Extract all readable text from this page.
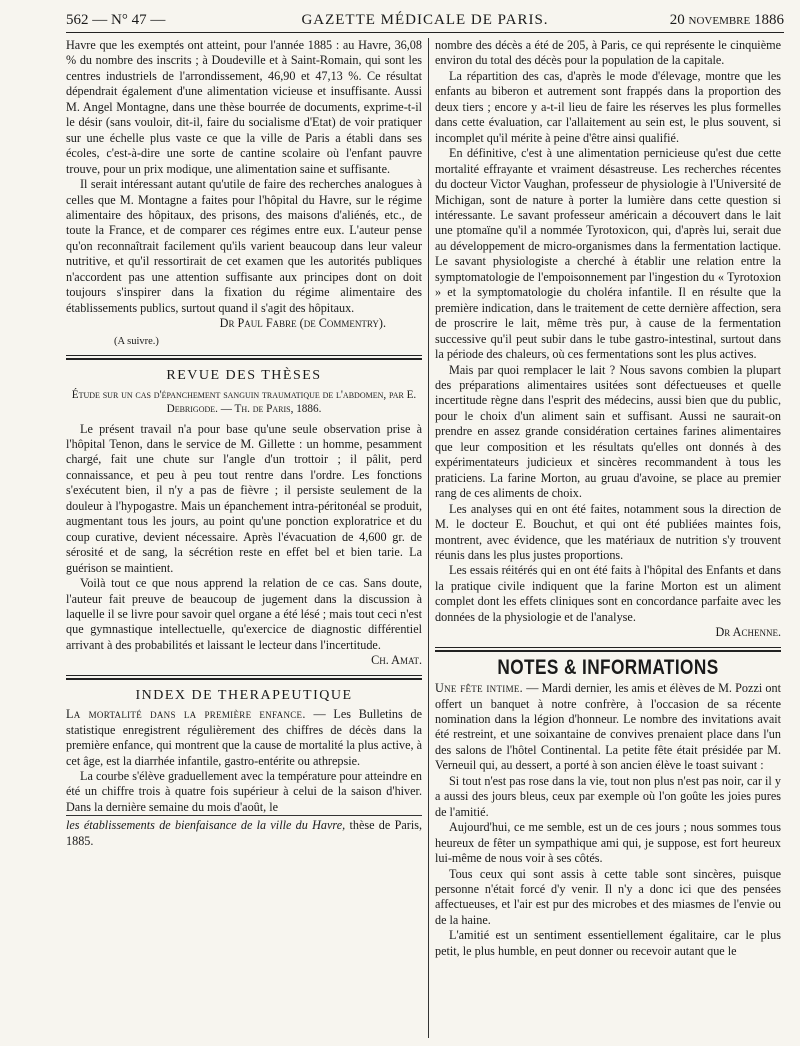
562 — N° 47 —	GAZETTE MÉDICALE DE PARIS.	20 novembre 1886

Havre que les exemptés ont atteint, pour l'année 1885 : au Havre, 36,08 % du nombre des inscrits ; à Doudeville et à Saint-Romain, qui sont les centres industriels de l'arrondissement, 46,90 et 47,13 %. Ce résultat dépendrait également d'une alimentation vicieuse et insuffisante. Aussi M. Angel Montagne, dans une thèse bourrée de documents, exprime-t-il le désir (sans vouloir, dit-il, faire du socialisme d'Etat) de voir pratiquer sur une échelle plus vaste ce que la ville de Paris a établi dans ses écoles, c'est-à-dire une sorte de cantine scolaire où l'enfant pauvre trouve, pour un prix modique, une alimentation saine et suffisante.

Il serait intéressant autant qu'utile de faire des recherches analogues à celles que M. Montagne a faites pour l'hôpital du Havre, sur le régime alimentaire des hôpitaux, des prisons, des maisons d'aliénés, etc., de toute la France, et de comparer ces régimes entre eux. L'auteur pense qu'on reconnaîtrait facilement qu'ils varient beaucoup dans leur valeur nutritive, et qu'il ressortirait de cet examen que les autorités publiques n'accordent pas une attention suffisante aux principes dont on doit toujours s'inspirer dans la fixation du régime alimentaire des établissements publics, surtout quand il s'agit des hôpitaux.

Dr Paul Fabre (de Commentry).

(A suivre.)
REVUE DES THÈSES
Étude sur un cas d'épanchement sanguin traumatique de l'abdomen, par E. Debrigode. — Th. de Paris, 1886.

Le présent travail n'a pour base qu'une seule observation prise à l'hôpital Tenon, dans le service de M. Gillette : un homme, pesamment chargé, fait une chute sur l'angle d'un trottoir ; il pâlit, perd connaissance, et peu à peu tout rentre dans l'ordre. Les fonctions s'exécutent bien, il n'y a pas de fièvre ; il persiste seulement de la douleur à l'hypogastre. Mais un épanchement intra-péritonéal se produit, augmentant tous les jours, au point qu'une ponction exploratrice et du coup curative, devient nécessaire. Après l'évacuation de 4,600 gr. de sérosité et de sang, la sécrétion reste en effet bel et bien tarie. La guérison se maintient.

Voilà tout ce que nous apprend la relation de ce cas. Sans doute, l'auteur fait preuve de beaucoup de jugement dans la discussion à laquelle il se livre pour savoir quel organe a été lésé ; mais tout ceci n'est que gymnastique intellectuelle, qu'exercice de diagnostic différentiel arrivant à des probabilités et laissant le lecteur dans l'incertitude.

Ch. Amat.

INDEX DE THERAPEUTIQUE

La mortalité dans la première enfance. — Les Bulletins de statistique enregistrent régulièrement des chiffres de décès dans la première enfance, qui montrent que la cause de mortalité la plus active, à cet âge, est la diarrhée infantile, gastro-entérite ou athrepsie.

La courbe s'élève graduellement avec la température pour atteindre en été un chiffre trois à quatre fois supérieur à celui de la saison d'hiver. Dans la dernière semaine du mois d'août, le

les établissements de bienfaisance de la ville du Havre, thèse de Paris, 1885.

nombre des décès a été de 205, à Paris, ce qui représente le cinquième environ du total des décès pour la population de la capitale.

La répartition des cas, d'après le mode d'élevage, montre que les enfants au biberon et autrement sont frappés dans la proportion des deux tiers ; encore y a-t-il lieu de faire les réserves les plus formelles dans cette évaluation, car l'allaitement au sein est, le plus souvent, si incomplet qu'il mérite à peine d'être ainsi qualifié.

En définitive, c'est à une alimentation pernicieuse qu'est due cette mortalité effrayante et vraiment désastreuse. Les recherches récentes du docteur Victor Vaughan, professeur de physiologie à l'Université de Michigan, sont de nature à porter la lumière dans cette question si intéressante. Le savant professeur américain a découvert dans le lait une ptomaïne qu'il a nommée Tyrotoxicon, qui, d'après lui, serait due au développement de micro-organismes dans la fermentation lactique. Le savant physiologiste a cherché à établir une relation entre la symptomatologie de l'empoisonnement par l'ingestion du « Tyrotoxion » et la symptomatologie du choléra infantile. Il en résulte que la première indication, dans le traitement de cette dernière affection, sera de proscrire le lait, même très pur, à cause de la fermentation successive qu'il peut subir dans le tube gastro-intestinal, surtout dans la période des chaleurs, où ces fermentations sont les plus actives.

Mais par quoi remplacer le lait ? Nous savons combien la plupart des préparations alimentaires usitées sont défectueuses et quelle incertitude règne dans l'esprit des médecins, aussi bien que du public, pour le choix d'un aliment sain et suffisant. Aussi ne saurait-on prendre en assez grande considération certaines farines alimentaires que leur composition et les résultats qu'elles ont donnés à des expérimentateurs judicieux et sincères recommandent à tous les praticiens. La farine Morton, au gruau d'avoine, se place au premier rang de ces aliments de choix.

Les analyses qui en ont été faites, notamment sous la direction de M. le docteur E. Bouchut, et qui ont été publiées maintes fois, montrent, avec évidence, que les matériaux de nutrition s'y trouvent réunis dans les plus justes proportions.

Les essais réitérés qui en ont été faits à l'hôpital des Enfants et dans la pratique civile indiquent que la farine Morton est un aliment complet dont les effets cliniques sont en concordance parfaite avec les données de la physiologie et de l'analyse.

Dr Achenne.

NOTES & INFORMATIONS

Une fête intime. — Mardi dernier, les amis et élèves de M. Pozzi ont offert un banquet à notre confrère, à l'occasion de sa récente nomination dans la légion d'honneur. Le nombre des invitations avait été restreint, et une soixantaine de convives prenaient place dans l'un des salons de l'hôtel Continental. La petite fête était présidée par M. Verneuil qui, au dessert, a porté à son ancien élève le toast suivant :

Si tout n'est pas rose dans la vie, tout non plus n'est pas noir, car il y a aussi des jours bleus, ceux par exemple où l'on goûte les joies pures de l'amitié.

Aujourd'hui, ce me semble, est un de ces jours ; nous sommes tous heureux de fêter un sympathique ami qui, je suppose, est fort heureux lui-même de nous voir à ses côtés.

Tous ceux qui sont assis à cette table sont sincères, puisque personne n'était forcé d'y venir. Il n'y a donc ici que des pensées affectueuses, et l'air est pur des microbes et des miasmes de l'envie ou de la haine.

L'amitié est un sentiment essentiellement égalitaire, car le plus petit, le plus humble, en peut donner ou recevoir autant que le
